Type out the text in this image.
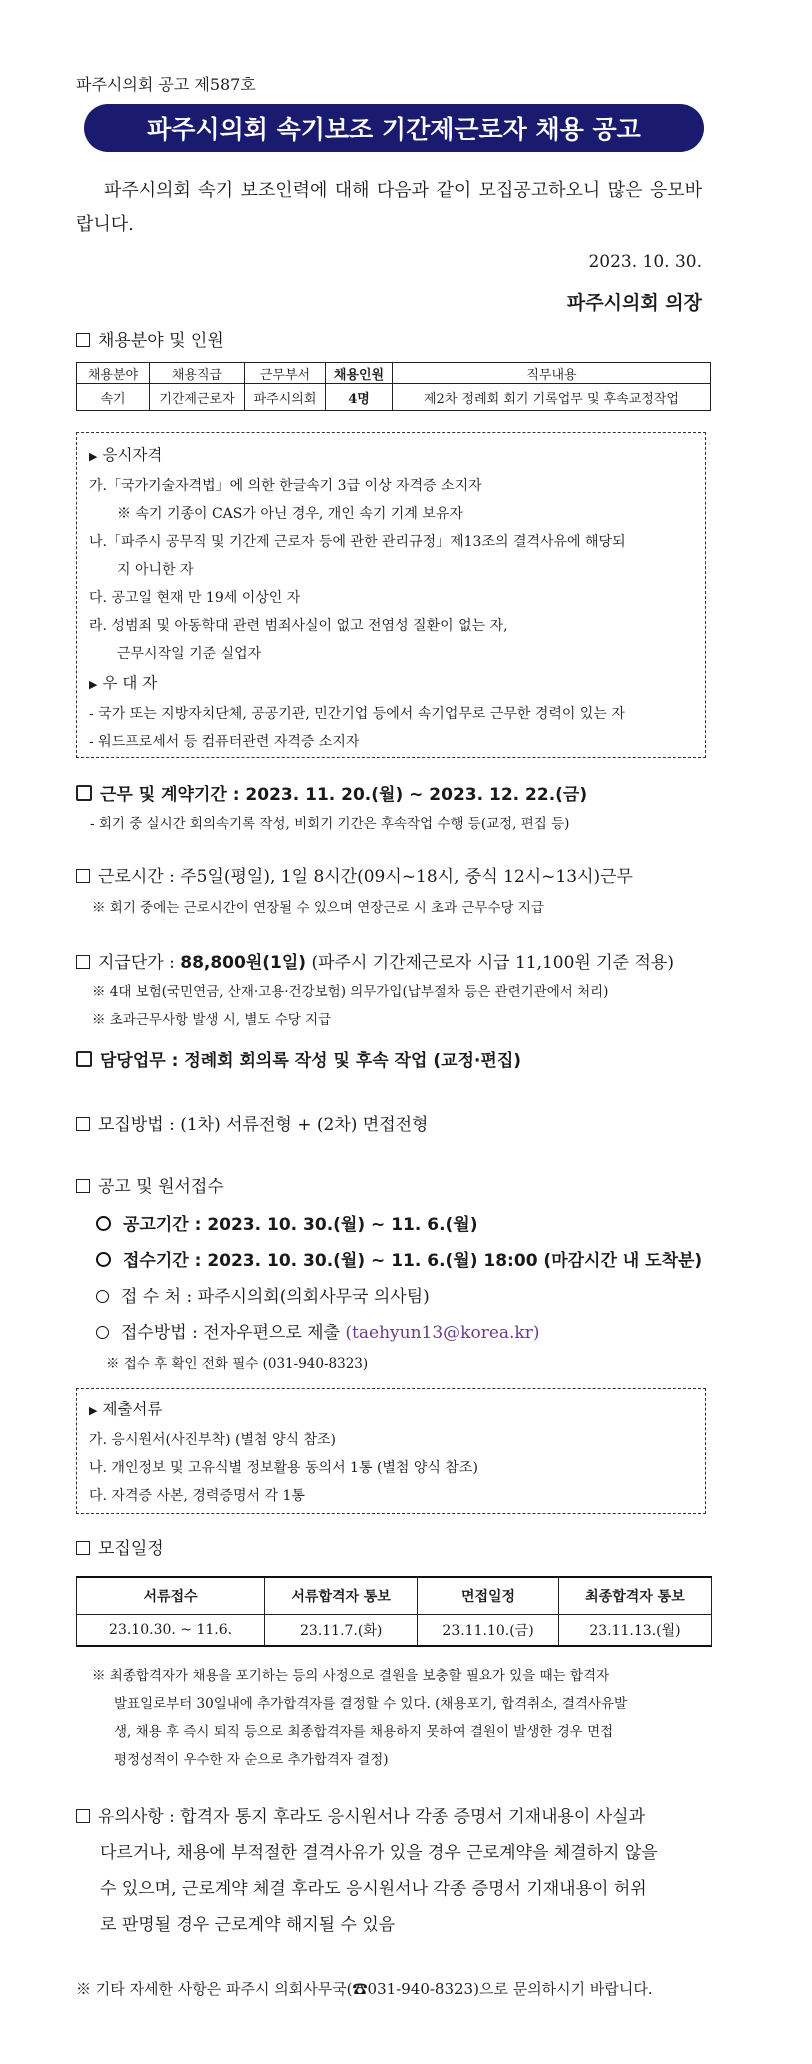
파주시의회 공고 제587호
파주시의회 속기보조 기간제근로자 채용 공고
파주시의회 속기 보조인력에 대해 다음과 같이 모집공고하오니 많은 응모바랍니다.
2023. 10. 30.
파주시의회 의장
채용분야 및 인원
채용분야	채용직급	근무부서	채용인원	직무내용
속기	기간제근로자	파주시의회	4명	제2차 정례회 회기 기록업무 및 후속교정작업
▶ 응시자격
가.「국가기술자격법」에 의한 한글속기 3급 이상 자격증 소지자
※ 속기 기종이 CAS가 아닌 경우, 개인 속기 기계 보유자
나.「파주시 공무직 및 기간제 근로자 등에 관한 관리규정」제13조의 결격사유에 해당되
지 아니한 자
다. 공고일 현재 만 19세 이상인 자
라. 성범죄 및 아동학대 관련 범죄사실이 없고 전염성 질환이 없는 자,
근무시작일 기준 실업자
▶ 우 대 자
- 국가 또는 지방자치단체, 공공기관, 민간기업 등에서 속기업무로 근무한 경력이 있는 자
- 워드프로세서 등 컴퓨터관련 자격증 소지자
근무 및 계약기간 : 2023. 11. 20.(월) ~ 2023. 12. 22.(금)
- 회기 중 실시간 회의속기록 작성, 비회기 기간은 후속작업 수행 등(교정, 편집 등)
근로시간 : 주5일(평일), 1일 8시간(09시~18시, 중식 12시~13시)근무
※ 회기 중에는 근로시간이 연장될 수 있으며 연장근로 시 초과 근무수당 지급
지급단가 : 88,800원(1일) (파주시 기간제근로자 시급 11,100원 기준 적용)
※ 4대 보험(국민연금, 산재·고용·건강보험) 의무가입(납부절차 등은 관련기관에서 처리)
※ 초과근무사항 발생 시, 별도 수당 지급
담당업무 : 정례회 회의록 작성 및 후속 작업 (교정·편집)
모집방법 : (1차) 서류전형 + (2차) 면접전형
공고 및 원서접수
공고기간 : 2023. 10. 30.(월) ~ 11. 6.(월)
접수기간 : 2023. 10. 30.(월) ~ 11. 6.(월) 18:00 (마감시간 내 도착분)
접 수 처 : 파주시의회(의회사무국 의사팀)
접수방법 : 전자우편으로 제출 (taehyun13@korea.kr)
※ 접수 후 확인 전화 필수 (031-940-8323)
▶ 제출서류
가. 응시원서(사진부착) (별첨 양식 참조)
나. 개인정보 및 고유식별 정보활용 동의서 1통 (별첨 양식 참조)
다. 자격증 사본, 경력증명서 각 1통
모집일정
서류접수	서류합격자 통보	면접일정	최종합격자 통보
23.10.30. ~ 11.6.	23.11.7.(화)	23.11.10.(금)	23.11.13.(월)
※ 최종합격자가 채용을 포기하는 등의 사정으로 결원을 보충할 필요가 있을 때는 합격자
발표일로부터 30일내에 추가합격자를 결정할 수 있다. (채용포기, 합격취소, 결격사유발
생, 채용 후 즉시 퇴직 등으로 최종합격자를 채용하지 못하여 결원이 발생한 경우 면접
평정성적이 우수한 자 순으로 추가합격자 결정)
유의사항 : 합격자 통지 후라도 응시원서나 각종 증명서 기재내용이 사실과
다르거나, 채용에 부적절한 결격사유가 있을 경우 근로계약을 체결하지 않을
수 있으며, 근로계약 체결 후라도 응시원서나 각종 증명서 기재내용이 허위
로 판명될 경우 근로계약 해지될 수 있음
※ 기타 자세한 사항은 파주시 의회사무국(☎031-940-8323)으로 문의하시기 바랍니다.
